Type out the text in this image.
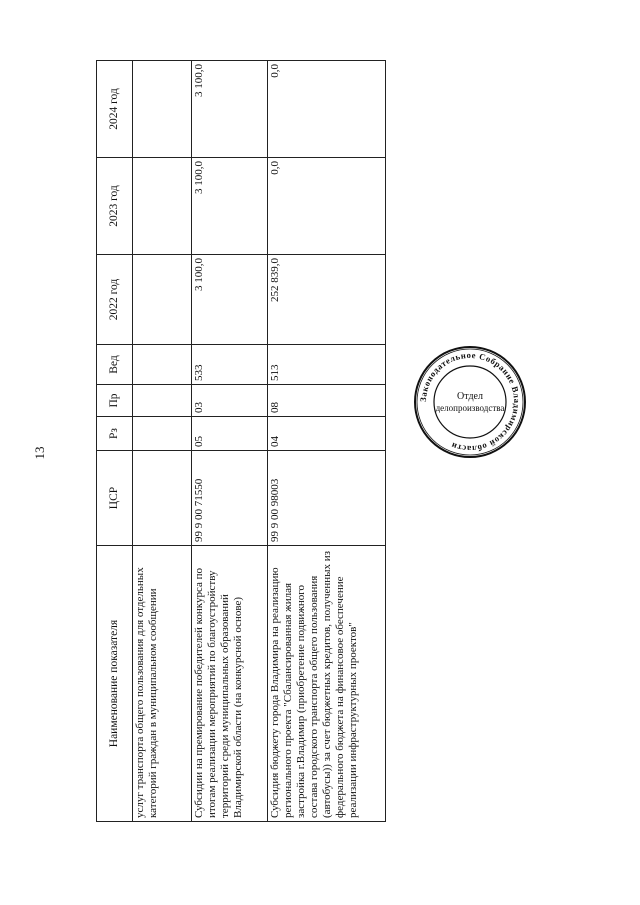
13
Наименование показателя	ЦСР	Рз	Пр	Вед	2022 год	2023 год	2024 год
услуг транспорта общего пользования для отдельных категорий граждан в муниципальном сообщении							
Субсидии на премирование победителей конкурса по итогам реализации мероприятий по благоустройству территорий среди муниципальных образований Владимирской области (на конкурсной основе)	99 9 00 71550	05	03	533	3 100,0	3 100,0	3 100,0
Субсидия бюджету города Владимира на реализацию регионального проекта "Сбалансированная жилая застройка г.Владимир (приобретение подвижного состава городского транспорта общего пользования (автобусы)) за счет бюджетных кредитов, полученных из федерального бюджета на финансовое обеспечение реализации инфраструктурных проектов"	99 9 00 98003	04	08	513	252 839,0	0,0	0,0
Законодательное Собрание Владимирской области
Отдел
делопроизводства
